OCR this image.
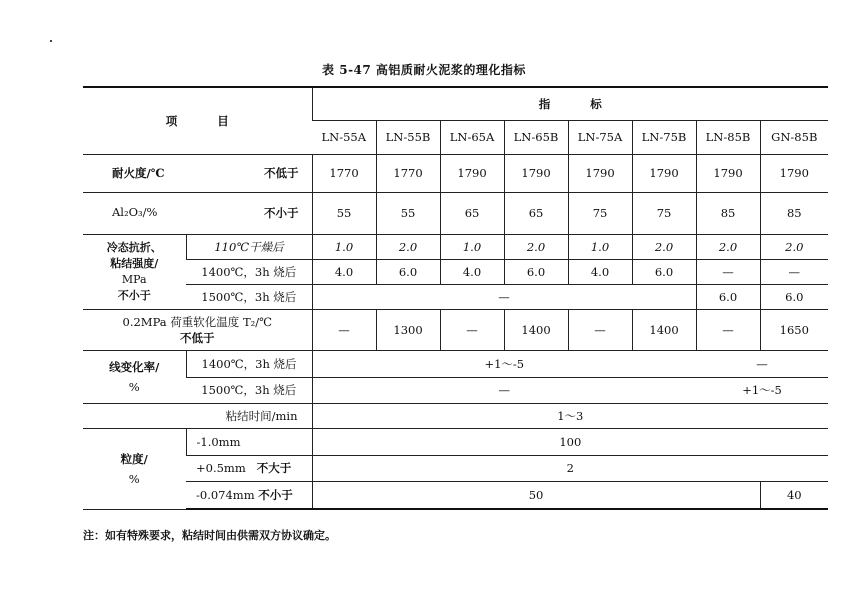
表 5-47 高铝质耐火泥浆的理化指标
项          目		指          标							
		LN-55A	LN-55B	LN-65A	LN-65B	LN-75A	LN-75B	LN-85B	GN-85B

耐火度/℃ 不低于		1770	1770	1790	1790	1790	1790	1790	1790

Al₂O₃/% 不小于		55	55	65	65	75	75	85	85

冷态抗折、
粘结强度/
MPa
不小于	110℃干燥后	1.0	2.0	1.0	2.0	1.0	2.0	2.0	2.0
	1400℃，3h 烧后	4.0	6.0	4.0	6.0	4.0	6.0	—	—
	1500℃，3h 烧后	—						6.0	6.0

0.2MPa 荷重软化温度 T₂/℃
不低于		—	1300	—	1400	—	1400	—	1650

线变化率/
%	1400℃，3h 烧后	+1～-5						—	
	1500℃，3h 烧后	—						+1～-5	
粘结时间/min		1～3							

粒度/
%	-1.0mm	100							
	+0.5mm 不大于	2							
	-0.074mm 不小于	50							40
注：如有特殊要求，粘结时间由供需双方协议确定。
